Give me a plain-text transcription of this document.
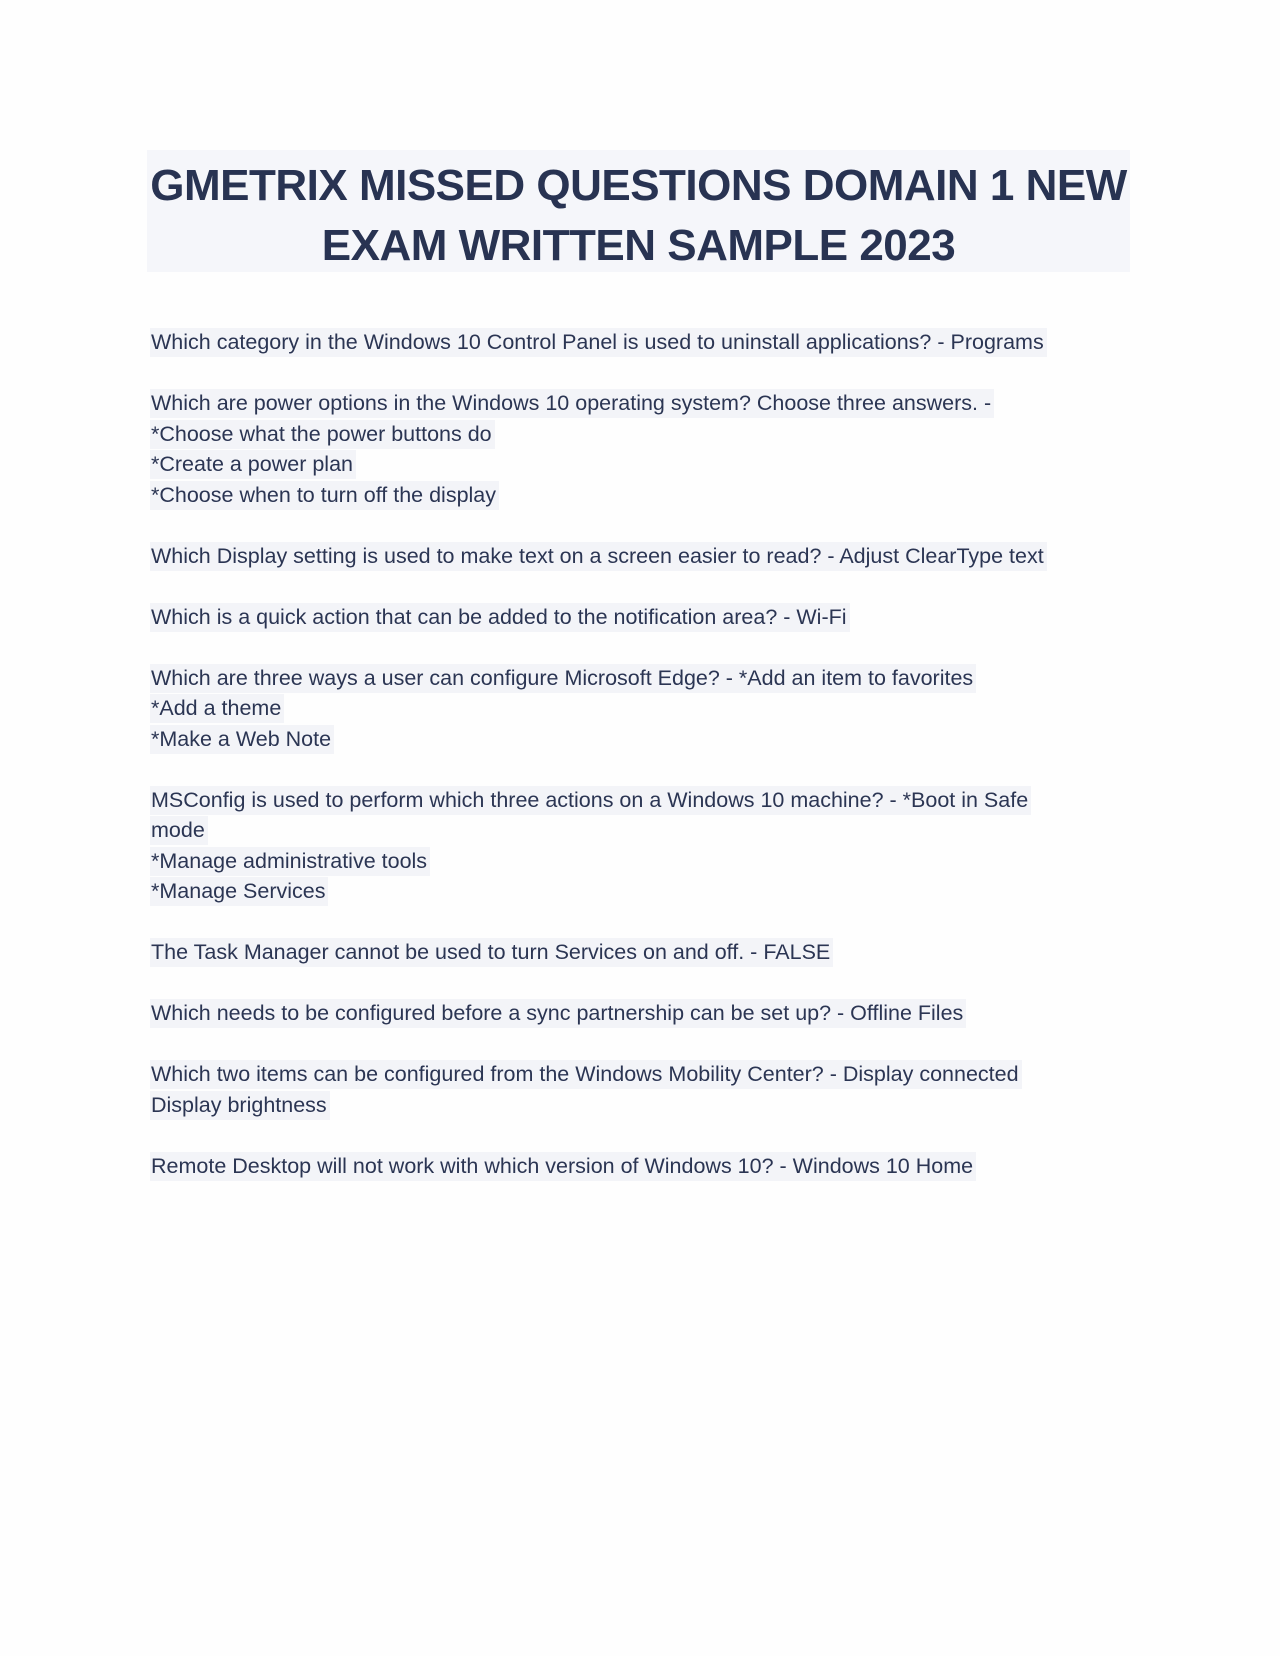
GMETRIX MISSED QUESTIONS DOMAIN 1 NEW
EXAM WRITTEN SAMPLE 2023
Which category in the Windows 10 Control Panel is used to uninstall applications? - Programs
Which are power options in the Windows 10 operating system? Choose three answers. -
*Choose what the power buttons do
*Create a power plan
*Choose when to turn off the display
Which Display setting is used to make text on a screen easier to read? - Adjust ClearType text
Which is a quick action that can be added to the notification area? - Wi-Fi
Which are three ways a user can configure Microsoft Edge? - *Add an item to favorites
*Add a theme
*Make a Web Note
MSConfig is used to perform which three actions on a Windows 10 machine? - *Boot in Safe
mode
*Manage administrative tools
*Manage Services
The Task Manager cannot be used to turn Services on and off. - FALSE
Which needs to be configured before a sync partnership can be set up? - Offline Files
Which two items can be configured from the Windows Mobility Center? - Display connected
Display brightness
Remote Desktop will not work with which version of Windows 10? - Windows 10 Home
